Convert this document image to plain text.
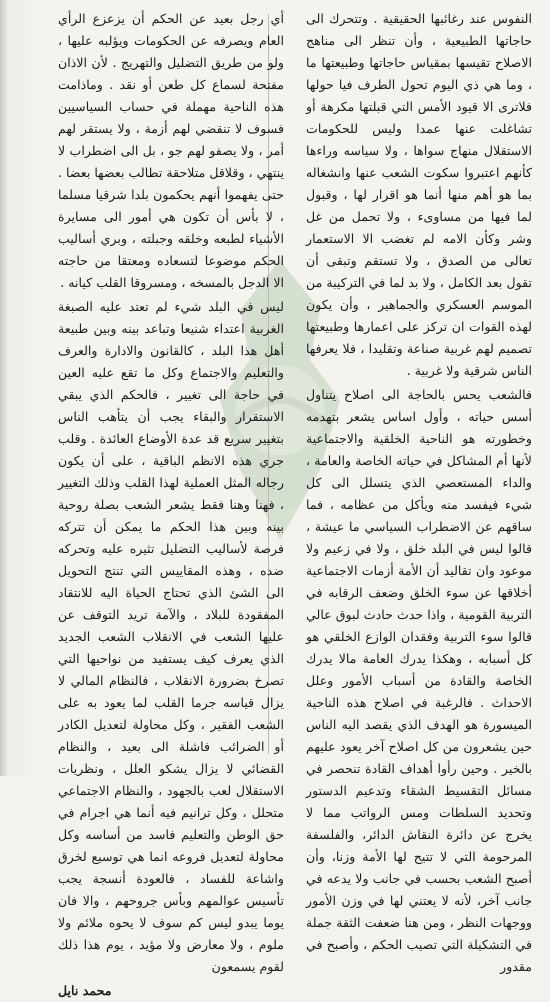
النفوس عند رغائبها الحقيقية . وتتحرك الى حاجاتها الطبيعية ، وأن تنظر الى مناهج الاصلاح تقيسها بمقياس حاجاتها وطبيعتها ما ، وما هي ذي اليوم تحول الطرف فيا حولها فلاترى الا قيود الأمس التي قبلتها مكرهة أو تشاغلت عنها عمدا وليس للحكومات الاستقلال منهاج سواها ، ولا سياسه وراءها كأنهم اعتبروا سكوت الشعب عنها وانشغاله بما هو أهم منها أنما هو اقرار لها ، وقبول لما فيها من مساوىء ، ولا تحمل من غل وشر وكأن الامه لم تغضب الا الاستعمار تعالى من الصدق ، ولا تستقم وتبقى أن تقول بعد الكامل ، ولا بد لما في التركيبة من الموسم العسكري والجماهير ، وأن يكون لهذه القوات ان تركز على اعمارها وطبيعتها تصميم لهم غربية صناعة وتقليدا ، فلا يعرفها الناس شرقية ولا غربية .

فالشعب يحس بالحاجة الى اصلاح يتناول أسس حياته ، وأول اساس يشعر بتهدمه وخطورته هو الناحية الخلقية والاجتماعية لأنها أم المشاكل في حياته الخاصة والعامة ، والداء المستعصي الذي يتسلل الى كل شيء فيفسد منه ويأكل من عظامه ، فما ساقهم عن الاضطراب السياسي ما عيشة ، قالوا ليس في البلد خلق ، ولا في زعيم ولا موعود وان تقاليد أن الأمة أزمات الاجتماعية أخلاقها عن سوء الخلق وضعف الرقابه في التربية القومية ، واذا حدث حادث لبوق عالي قالوا سوء التربية وفقدان الوازع الخلقي هو كل أسبابه ، وهكذا يدرك العامة مالا يدرك الخاصة والقادة من أسباب الأمور وعلل الاحداث . فالرغبة في اصلاح هذه الناحية الميسورة هو الهدف الذي يقصد اليه الناس حين يشعرون من كل اصلاح آخر يعود عليهم بالخير . وحين رأوا أهداف القادة تنحصر في مسائل التقسيط الشقاء وتدعيم الدستور وتحديد السلطات ومس الرواتب مما لا يخرج عن دائرة النقاش الدائر، والفلسفة المرحومة التي لا تتيح لها الأمة وزنا، وأن أصبح الشعب بحسب في جانب ولا يدعه في جانب آخر، لأنه لا يعتني لها في وزن الأمور ووجهات النظر ، ومن هنا ضعفت الثقة جملة في التشكيلة التي تصيب الحكم ، وأصبح في مقدور

أي رجل بعيد عن الحكم أن يزعزع الرأي العام ويصرفه عن الحكومات ويؤلبه عليها ، ولو من طريق التضليل والتهريج . لأن الاذان مفتحة لسماع كل طعن أو نقد . وماذامت هذه الناحية مهملة في حساب السياسيين فسوف لا تنقضي لهم أزمة ، ولا يستقر لهم أمر ، ولا يصفو لهم جو ، بل الى اضطراب لا ينتهي ، وقلاقل متلاحقة تطالب بعضها بعضا . حتى يفهموا أنهم يحكمون بلدا شرقيا مسلما ، لا بأس أن تكون هي أمور الى مسايرة الأشياء لطبعه وخلقه وجبلته ، وبري أساليب الحكم موضوعا لتسعاده ومعتقا من حاجته الا الدجل بالمسخه ، ومسروقا القلب كيانه .

ليس في البلد شيء لم تعتد عليه الصبغة الغربية اعتداء شنيعا وتباعد بينه وبين طبيعة أهل هذا البلد ، كالقانون والادارة والعرف والتعليم والاجتماع وكل ما تقع عليه العين في حاجة الى تغيير ، فالحكم الذي يبقي الاستقرار والبقاء يجب أن يتأهب الناس بتغيير سريع قد عدة الأوضاع العائدة . وقلب جري هذه الانظم الباقية ، على أن يكون رجاله المثل العملية لهذا القلب وذلك التغيير ، فهنا وهنا فقط يشعر الشعب بصلة روحية بينه وبين هذا الحكم ما يمكن أن تتركه فرصة لأساليب التضليل تثيره عليه وتحركه ضده ، وهذه المقاييس التي تنتج التحويل الى الشئ الذي تحتاج الحياة اليه للانتقاد المفقودة للبلاد ، والآمة تريد التوقف عن عليها الشعب في الانقلاب الشعب الجديد الذي يعرف كيف يستفيد من نواحيها التي تصرخ بضرورة الانقلاب ، فالنظام المالي لا يزال قياسه جرما القلب لما يعود به على الشعب الفقير ، وكل محاولة لتعديل الكادر أو الضرائب فاشلة الى بعيد ، والنظام القضائي لا يزال يشكو العلل ، ونظريات الاستقلال لعب بالجهود ، والنظام الاجتماعي متحلل ، وكل ترانيم فيه أنما هي اجرام في حق الوطن والتعليم فاسد من أساسه وكل محاولة لتعديل فروعه انما هي توسيع لخرق واشاعة للفساد ، فالعودة أنسجة يجب تأسيس عوالمهم وبأس جروحهم ، والا فان يوما يبدو ليس كم سوف لا يحوه ملائم ولا ملوم ، ولا معارض ولا مؤيد ، يوم هذا ذلك لقوم يسمعون

محمد نايل
